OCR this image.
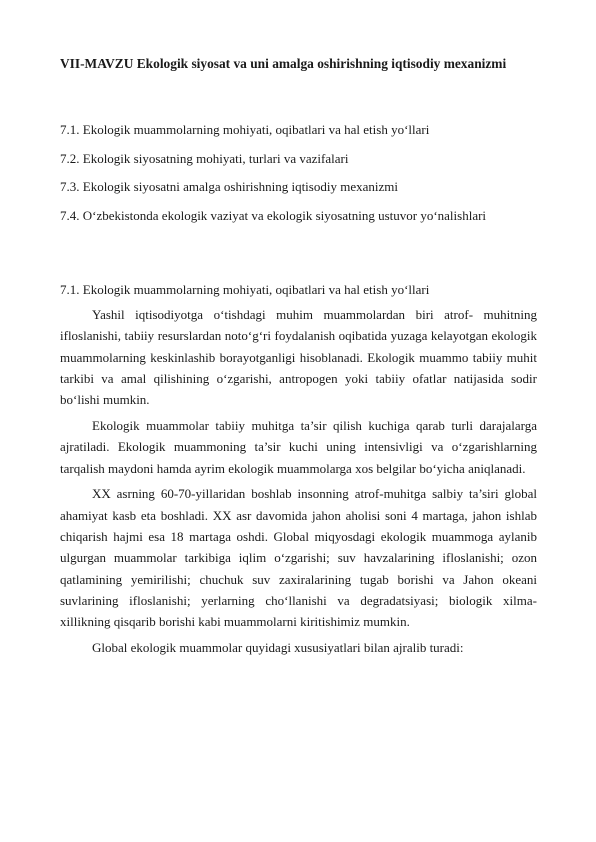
VII-MAVZU Ekologik siyosat va uni amalga oshirishning iqtisodiy mexanizmi
7.1. Ekologik muammolarning mohiyati, oqibatlari va hal etish yo‘llari
7.2. Ekologik siyosatning mohiyati, turlari va vazifalari
7.3. Ekologik siyosatni amalga oshirishning iqtisodiy mexanizmi
7.4. O‘zbekistonda ekologik vaziyat va ekologik siyosatning ustuvor yo‘nalishlari
7.1. Ekologik muammolarning mohiyati, oqibatlari va hal etish yo‘llari

Yashil iqtisodiyotga o‘tishdagi muhim muammolardan biri atrof- muhitning ifloslanishi, tabiiy resurslardan noto‘g‘ri foydalanish oqibatida yuzaga kelayotgan ekologik muammolarning keskinlashib borayotganligi hisoblanadi. Ekologik muammo tabiiy muhit tarkibi va amal qilishining o‘zgarishi, antropogen yoki tabiiy ofatlar natijasida sodir bo‘lishi mumkin.

Ekologik muammolar tabiiy muhitga ta’sir qilish kuchiga qarab turli darajalarga ajratiladi. Ekologik muammoning ta’sir kuchi uning intensivligi va o‘zgarishlarning tarqalish maydoni hamda ayrim ekologik muammolarga xos belgilar bo‘yicha aniqlanadi.

XX asrning 60-70-yillaridan boshlab insonning atrof-muhitga salbiy ta’siri global ahamiyat kasb eta boshladi. XX asr davomida jahon aholisi soni 4 martaga, jahon ishlab chiqarish hajmi esa 18 martaga oshdi. Global miqyosdagi ekologik muammoga aylanib ulgurgan muammolar tarkibiga iqlim o‘zgarishi; suv havzalarining ifloslanishi; ozon qatlamining yemirilishi; chuchuk suv zaxiralarining tugab borishi va Jahon okeani suvlarining ifloslanishi; yerlarning cho‘llanishi va degradatsiyasi; biologik xilma- xillikning qisqarib borishi kabi muammolarni kiritishimiz mumkin.

Global ekologik muammolar quyidagi xususiyatlari bilan ajralib turadi:
